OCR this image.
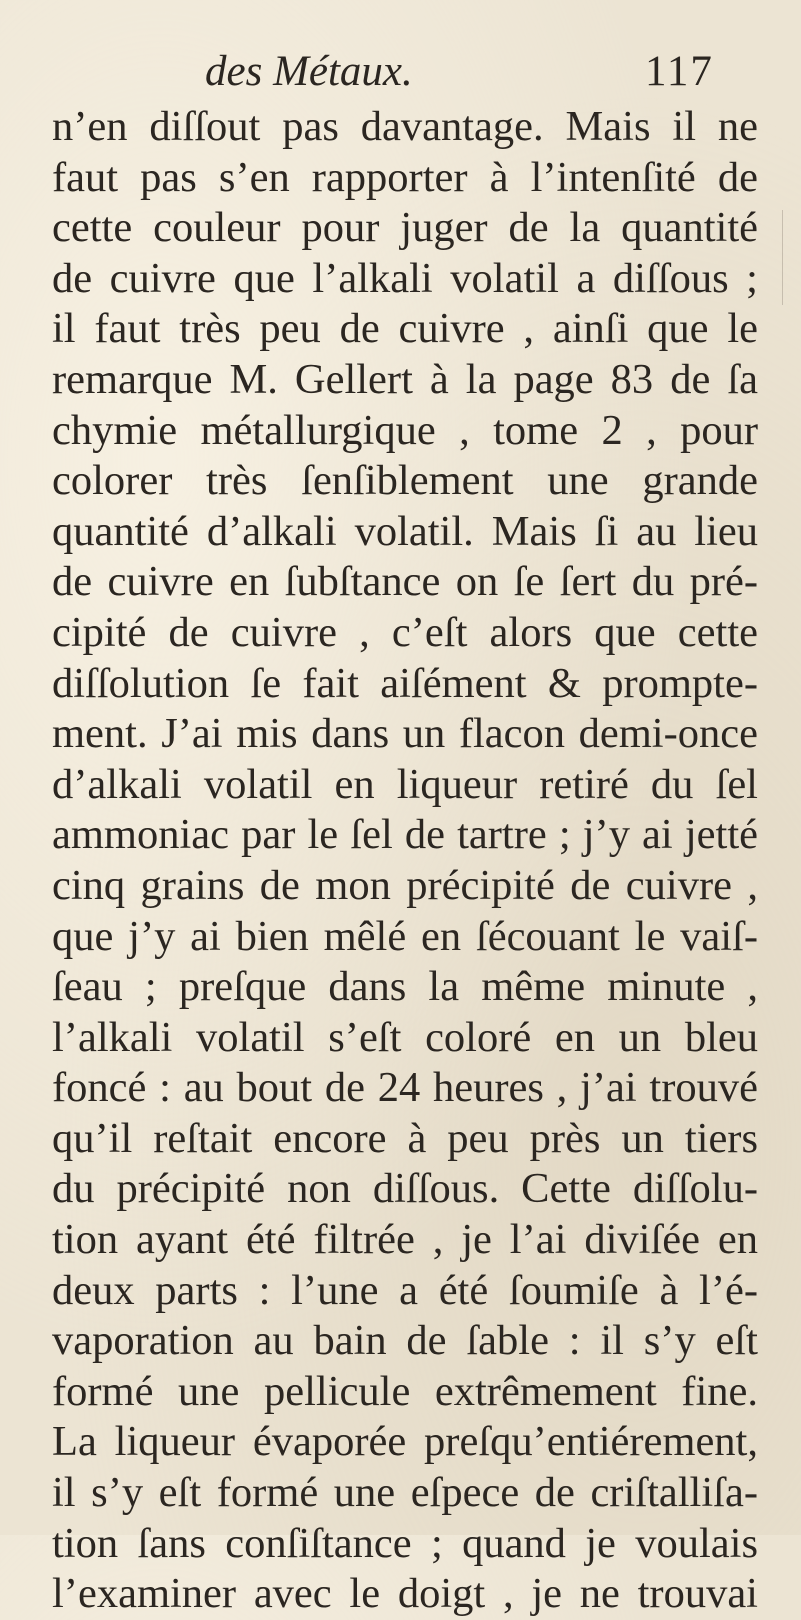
des Métaux.	117
n’en diſſout pas davantage. Mais il ne
faut pas s’en rapporter à l’intenſité de
cette couleur pour juger de la quantité
de cuivre que l’alkali volatil a diſſous ;
il faut très peu de cuivre , ainſi que le
remarque M. Gellert à la page 83 de ſa
chymie métallurgique , tome 2 , pour
colorer très ſenſiblement une grande
quantité d’alkali volatil. Mais ſi au lieu
de cuivre en ſubſtance on ſe ſert du pré-
cipité de cuivre , c’eſt alors que cette
diſſolution ſe fait aiſément & prompte-
ment. J’ai mis dans un flacon demi-once
d’alkali volatil en liqueur retiré du ſel
ammoniac par le ſel de tartre ; j’y ai jetté
cinq grains de mon précipité de cuivre ,
que j’y ai bien mêlé en ſécouant le vaiſ-
ſeau ; preſque dans la même minute ,
l’alkali volatil s’eſt coloré en un bleu
foncé : au bout de 24 heures , j’ai trouvé
qu’il reſtait encore à peu près un tiers
du précipité non diſſous. Cette diſſolu-
tion ayant été filtrée , je l’ai diviſée en
deux parts : l’une a été ſoumiſe à l’é-
vaporation au bain de ſable : il s’y eſt
formé une pellicule extrêmement fine.
La liqueur évaporée preſqu’entiérement,
il s’y eſt formé une eſpece de criſtalliſa-
tion ſans conſiſtance ; quand je voulais
l’examiner avec le doigt , je ne trouvai
